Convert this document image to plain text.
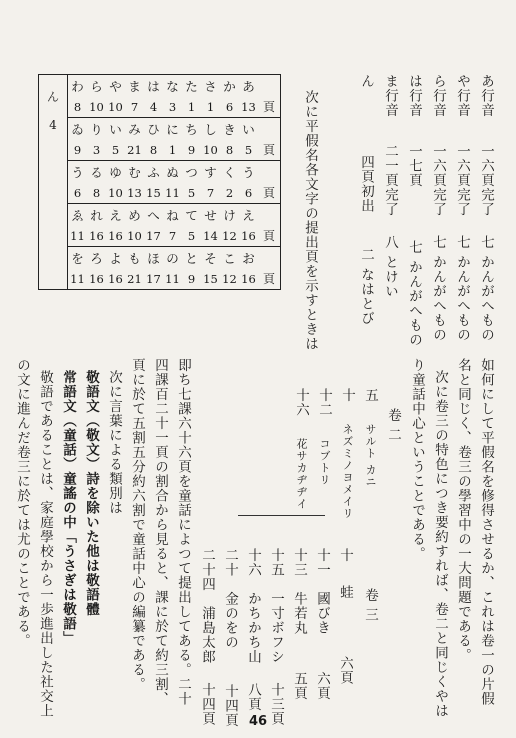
あ行音  一六頁完了  七 かんがへもの
や行音  一六頁完了  七 かんがへもの
ら行音  一六頁完了  七 かんがへもの
は行音  一七頁  七 かんがへもの
ま行音  二一頁完了  八 とけい
ん  四頁初出  二 なはとび
次に平假名各文字の提出頁を示すときは
ん	わ	ら	や	ま	は	な	た	さ	か	あ	
	8	10	10	7	4	3	1	1	6	13	頁
4	ゐ	り	い	み	ひ	に	ち	し	き	い	
	9	3	5	21	8	1	9	10	8	5	頁
	う	る	ゆ	む	ふ	ぬ	つ	す	く	う	
	6	8	10	13	15	11	5	7	2	6	頁
	ゑ	れ	え	め	へ	ね	て	せ	け	え	
	11	16	16	10	17	7	5	14	12	16	頁
	を	ろ	よ	も	ほ	の	と	そ	こ	お	
	11	16	16	21	17	11	9	15	12	16	頁
如何にして平假名を修得させるか、これは卷一の片假
名と同じく、卷三の學習中の一大問題である。
次に卷三の特色につき要約すれば、卷二と同じくやは
り童話中心ということである。
卷 二
五  サルト カニ
十  ネズミノヨメイリ
十二  コブトリ
十六  花サカヂヂイ
卷 三
十  蛙  六頁
十一  國びき  六頁
十三  牛若丸  五頁
十五  一寸ボフシ  十三頁
十六  かちかち山  八頁
二十  金のをの  十四頁
二十四  浦島太郎  十四頁
即ち七課六十六頁を童話によつて提出してある。二十
四課百二十一頁の割合から見ると、課に於て約三割、
頁に於て五割五分約六割で童話中心の編纂である。
次に言葉による類別は
敬語文（敬文）詩を除いた他は敬語體
常語文（童話）童謠の中「うさぎは敬語」
敬語であることは、家庭學校から一歩進出した社交上
の文に進んだ卷三に於ては尤のことである。
46
